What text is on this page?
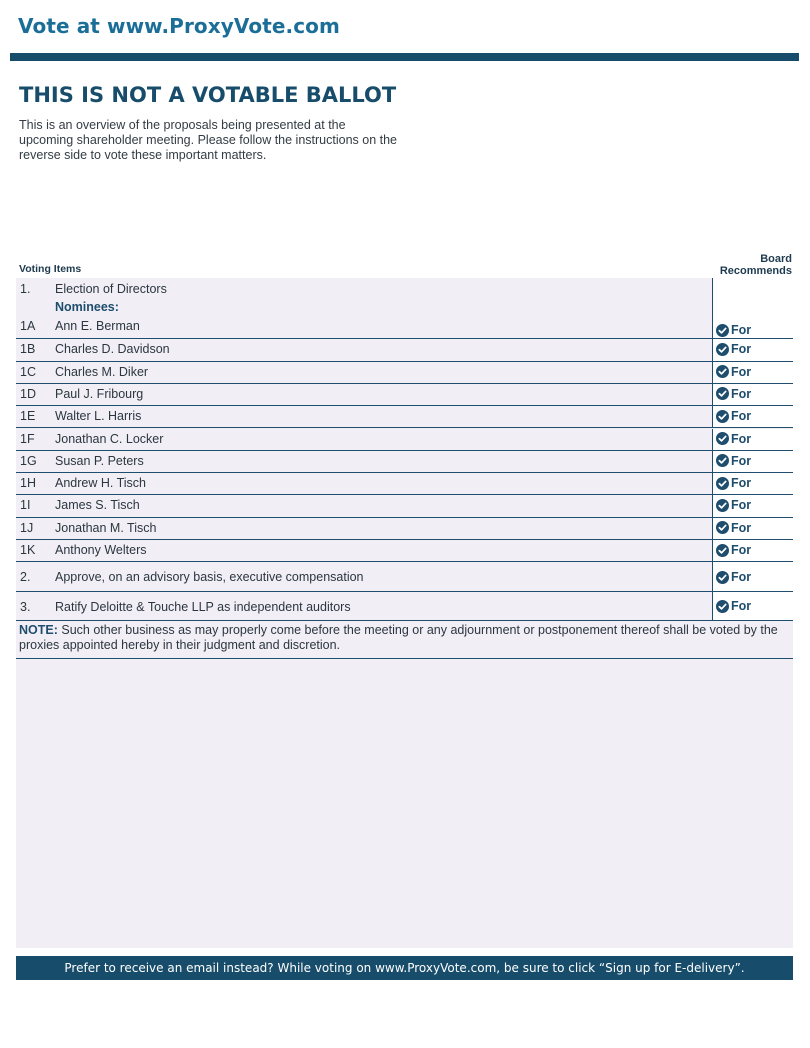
Vote at www.ProxyVote.com
THIS IS NOT A VOTABLE BALLOT
This is an overview of the proposals being presented at the upcoming shareholder meeting. Please follow the instructions on the reverse side to vote these important matters.
Voting Items
Board
Recommends
1. Election of Directors
Nominees:
1A Ann E. Berman	For
1B Charles D. Davidson	For
1C Charles M. Diker	For
1D Paul J. Fribourg	For
1E Walter L. Harris	For
1F Jonathan C. Locker	For
1G Susan P. Peters	For
1H Andrew H. Tisch	For
1I James S. Tisch	For
1J Jonathan M. Tisch	For
1K Anthony Welters	For
2. Approve, on an advisory basis, executive compensation	For
3. Ratify Deloitte & Touche LLP as independent auditors	For
NOTE: Such other business as may properly come before the meeting or any adjournment or postponement thereof shall be voted by the proxies appointed hereby in their judgment and discretion.
Prefer to receive an email instead? While voting on www.ProxyVote.com, be sure to click “Sign up for E-delivery”.
